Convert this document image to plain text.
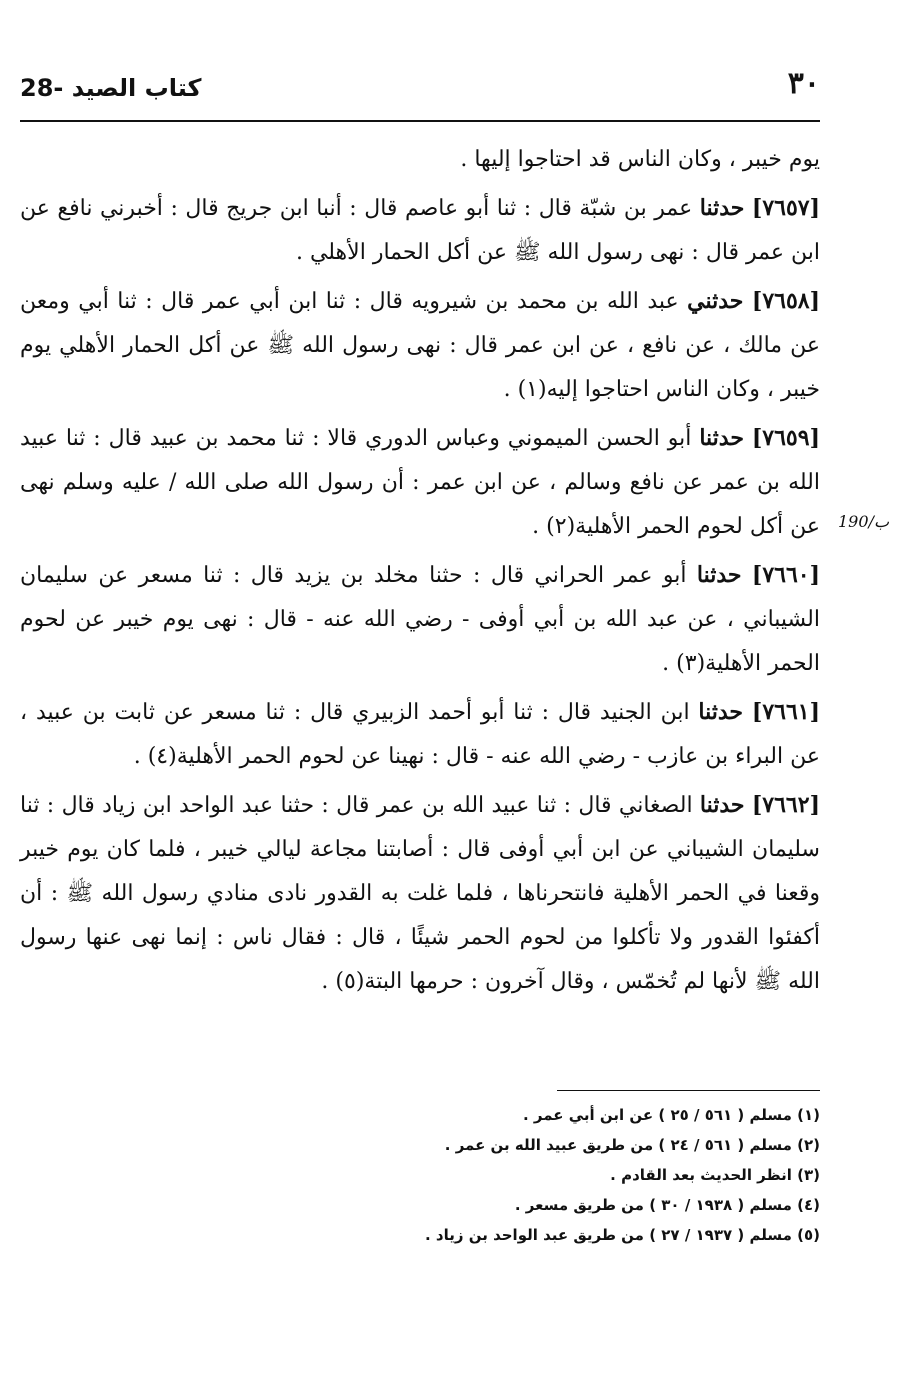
٣٠
28- كتاب الصيد

يوم خيبر ، وكان الناس قد احتاجوا إليها .

[٧٦٥٧] حدثنا عمر بن شبّة قال : ثنا أبو عاصم قال : أنبا ابن جريج قال : أخبرني نافع عن ابن عمر قال : نهى رسول الله ﷺ عن أكل الحمار الأهلي .

[٧٦٥٨] حدثني عبد الله بن محمد بن شيرويه قال : ثنا ابن أبي عمر قال : ثنا أبي ومعن عن مالك ، عن نافع ، عن ابن عمر قال : نهى رسول الله ﷺ عن أكل الحمار الأهلي يوم خيبر ، وكان الناس احتاجوا إليه(١) .

[٧٦٥٩] حدثنا أبو الحسن الميموني وعباس الدوري قالا : ثنا محمد بن عبيد قال : ثنا عبيد الله بن عمر عن نافع وسالم ، عن ابن عمر : أن رسول الله صلى الله / عليه وسلم نهى عن أكل لحوم الحمر الأهلية(٢) .

[٧٦٦٠] حدثنا أبو عمر الحراني قال : حثنا مخلد بن يزيد قال : ثنا مسعر عن سليمان الشيباني ، عن عبد الله بن أبي أوفى - رضي الله عنه - قال : نهى يوم خيبر عن لحوم الحمر الأهلية(٣) .

[٧٦٦١] حدثنا ابن الجنيد قال : ثنا أبو أحمد الزبيري قال : ثنا مسعر عن ثابت بن عبيد ، عن البراء بن عازب - رضي الله عنه - قال : نهينا عن لحوم الحمر الأهلية(٤) .

[٧٦٦٢] حدثنا الصغاني قال : ثنا عبيد الله بن عمر قال : حثنا عبد الواحد ابن زياد قال : ثنا سليمان الشيباني عن ابن أبي أوفى قال : أصابتنا مجاعة ليالي خيبر ، فلما كان يوم خيبر وقعنا في الحمر الأهلية فانتحرناها ، فلما غلت به القدور نادى منادي رسول الله ﷺ : أن أكفئوا القدور ولا تأكلوا من لحوم الحمر شيئًا ، قال : فقال ناس : إنما نهى عنها رسول الله ﷺ لأنها لم تُخمّس ، وقال آخرون : حرمها البتة(٥) .

190/ب
(١) مسلم ( ٥٦١ / ٢٥ ) عن ابن أبي عمر .
(٢) مسلم ( ٥٦١ / ٢٤ ) من طريق عبيد الله بن عمر .
(٣) انظر الحديث بعد القادم .
(٤) مسلم ( ١٩٣٨ / ٣٠ ) من طريق مسعر .
(٥) مسلم ( ١٩٣٧ / ٢٧ ) من طريق عبد الواحد بن زياد .
